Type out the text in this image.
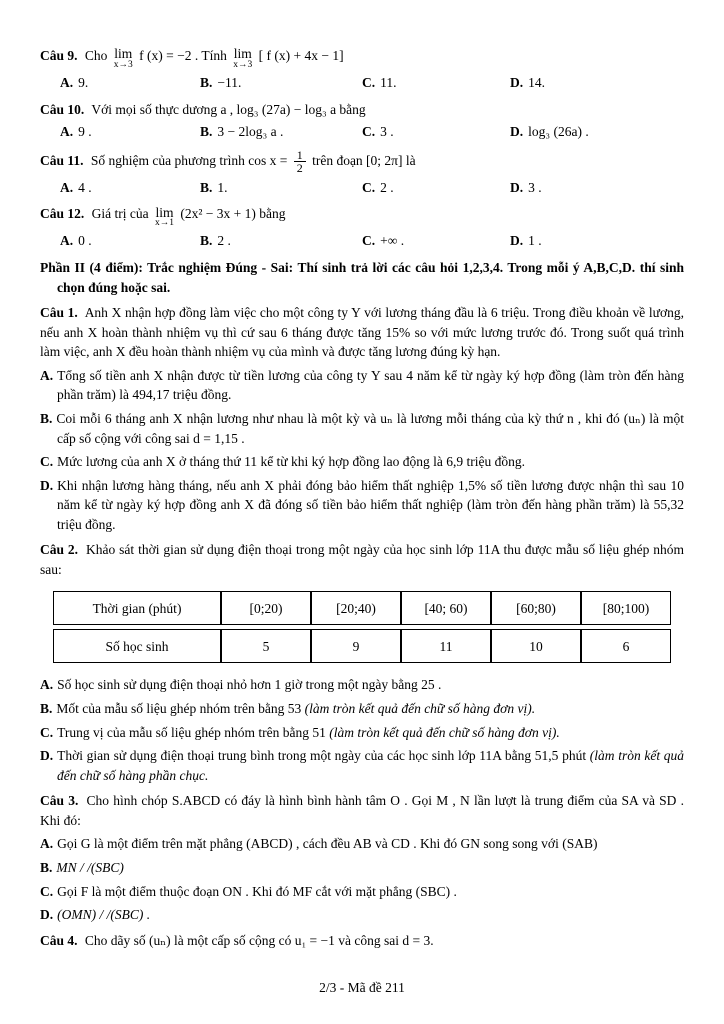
Câu 9. Cho lim
x→3
f (x) = −2 . Tính lim
x→3
[ f (x) + 4x − 1]

A. 9.	B. −11.	C. 11.	D. 14.

Câu 10. Với mọi số thực dương a , log₃ (27a) − log₃ a bằng

A. 9 .	B. 3 − 2log₃ a .	C. 3 .	D. log₃ (26a) .

Câu 11. Số nghiệm của phương trình $\cos x = \frac{1}{2}$ trên đoạn [0; 2π] là

A. 4 .	B. 1.	C. 2 .	D. 3 .

Câu 12. Giá trị của lim
x→1
(2x² − 3x + 1) bằng

A. 0 .	B. 2 .	C. +∞ .	D. 1 .

Phần II (4 điểm): Trắc nghiệm Đúng - Sai: Thí sinh trả lời các câu hỏi 1,2,3,4. Trong mỗi ý A,B,C,D. thí sinh chọn đúng hoặc sai.

Câu 1. Anh X nhận hợp đồng làm việc cho một công ty Y với lương tháng đầu là 6 triệu. Trong điều khoản về lương, nếu anh X hoàn thành nhiệm vụ thì cứ sau 6 tháng được tăng 15% so với mức lương trước đó. Trong suốt quá trình làm việc, anh X đều hoàn thành nhiệm vụ của mình và được tăng lương đúng kỳ hạn.

A. Tổng số tiền anh X nhận được từ tiền lương của công ty Y sau 4 năm kể từ ngày ký hợp đồng (làm tròn đến hàng phần trăm) là 494,17 triệu đồng.

B. Coi mỗi 6 tháng anh X nhận lương như nhau là một kỳ và uₙ là lương mỗi tháng của kỳ thứ n , khi đó (uₙ) là một cấp số cộng với công sai d = 1,15 .

C. Mức lương của anh X ở tháng thứ 11 kể từ khi ký hợp đồng lao động là 6,9 triệu đồng.

D. Khi nhận lương hàng tháng, nếu anh X phải đóng bảo hiểm thất nghiệp 1,5% số tiền lương được nhận thì sau 10 năm kể từ ngày ký hợp đồng anh X đã đóng số tiền bảo hiểm thất nghiệp (làm tròn đến hàng phần trăm) là 55,32 triệu đồng.

Câu 2. Khảo sát thời gian sử dụng điện thoại trong một ngày của học sinh lớp 11A thu được mẫu số liệu ghép nhóm sau:

Thời gian (phút)	[0;20)	[20;40)	[40; 60)	[60;80)	[80;100)
Số học sinh	5	9	11	10	6

A. Số học sinh sử dụng điện thoại nhỏ hơn 1 giờ trong một ngày bằng 25 .

B. Mốt của mẫu số liệu ghép nhóm trên bằng 53 (làm tròn kết quả đến chữ số hàng đơn vị).

C. Trung vị của mẫu số liệu ghép nhóm trên bằng 51 (làm tròn kết quả đến chữ số hàng đơn vị).

D. Thời gian sử dụng điện thoại trung bình trong một ngày của các học sinh lớp 11A bằng 51,5 phút (làm tròn kết quả đến chữ số hàng phần chục.

Câu 3. Cho hình chóp S.ABCD có đáy là hình bình hành tâm O . Gọi M , N lần lượt là trung điểm của SA và SD . Khi đó:

A. Gọi G là một điểm trên mặt phẳng (ABCD) , cách đều AB và CD . Khi đó GN song song với (SAB)

B. MN / /(SBC)

C. Gọi F là một điểm thuộc đoạn ON . Khi đó MF cắt với mặt phẳng (SBC) .

D. (OMN) / /(SBC) .

Câu 4. Cho dãy số (uₙ) là một cấp số cộng có u₁ = −1 và công sai d = 3.

2/3 - Mã đề 211
